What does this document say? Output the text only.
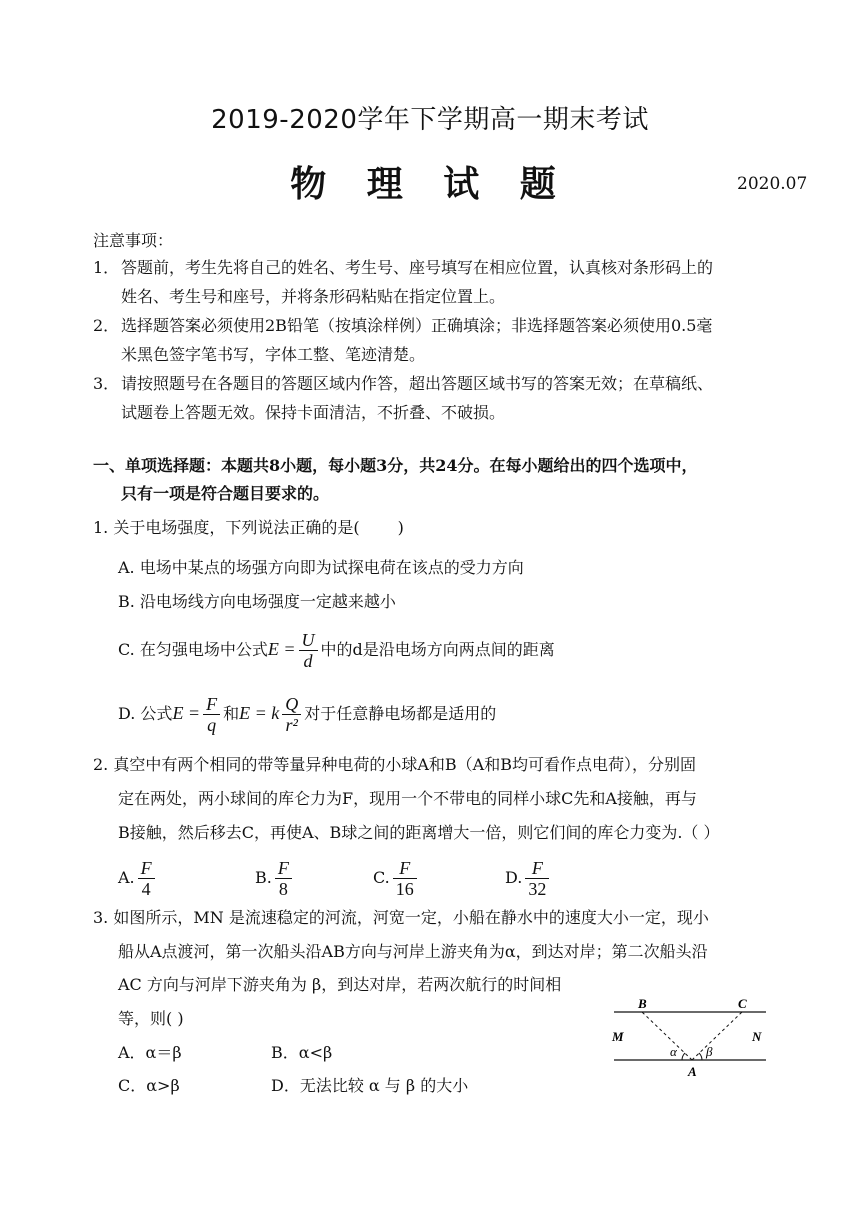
2019-2020学年下学期高一期末考试
物 理 试 题	2020.07
注意事项：
1． 答题前，考生先将自己的姓名、考生号、座号填写在相应位置，认真核对条形码上的
姓名、考生号和座号，并将条形码粘贴在指定位置上。
2． 选择题答案必须使用2B铅笔（按填涂样例）正确填涂；非选择题答案必须使用0.5毫
米黑色签字笔书写，字体工整、笔迹清楚。
3． 请按照题号在各题目的答题区域内作答，超出答题区域书写的答案无效；在草稿纸、
试题卷上答题无效。保持卡面清洁，不折叠、不破损。
一、单项选择题：本题共8小题，每小题3分，共24分。在每小题给出的四个选项中，
只有一项是符合题目要求的。
1. 关于电场强度，下列说法正确的是( )
A. 电场中某点的场强方向即为试探电荷在该点的受力方向
B. 沿电场线方向电场强度一定越来越小
C. 在匀强电场中公式$E = \frac{U}{d}$ 中的d是沿电场方向两点间的距离
D. 公式$E = \frac{F}{q}$ 和E = k $\frac{Q}{\text{r²}}$ 对于任意静电场都是适用的
2. 真空中有两个相同的带等量异种电荷的小球A和B（A和B均可看作点电荷），分别固
定在两处，两小球间的库仑力为F，现用一个不带电的同样小球C先和A接触，再与
B接触，然后移去C，再使A、B球之间的距离增大一倍，则它们间的库仑力变为.（ ）
A. $\frac{F}{4}$	B. $\frac{F}{8}$	C. $\frac{F}{16}$	D. $\frac{F}{32}$
3. 如图所示，MN 是流速稳定的河流，河宽一定，小船在静水中的速度大小一定，现小
船从A点渡河，第一次船头沿AB方向与河岸上游夹角为α，到达对岸；第二次船头沿
AC 方向与河岸下游夹角为 β，到达对岸，若两次航行的时间相
等，则( )
A．α＝β	B．α<β
C．α>β	D．无法比较 α 与 β 的大小
B	C
M	N
α β
A
